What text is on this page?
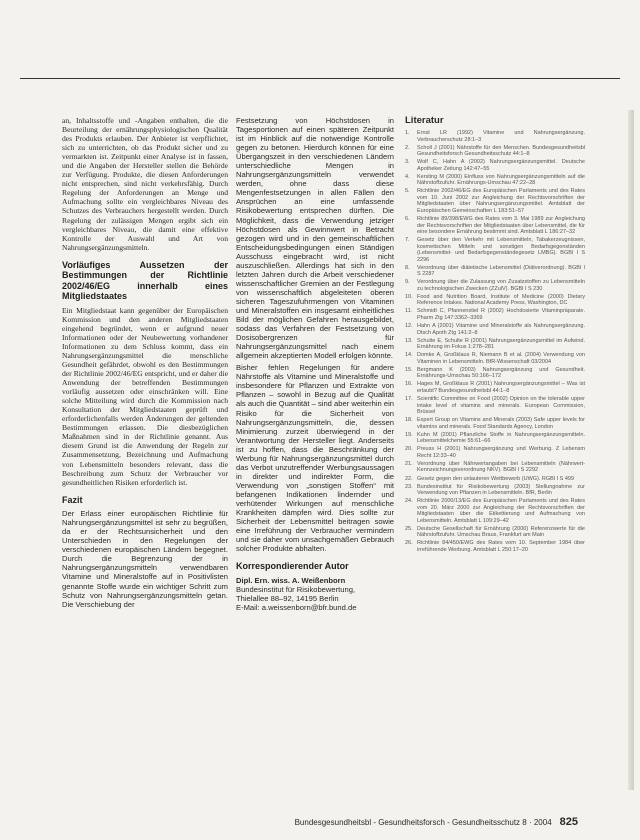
an, Inhaltsstoffe und -Angaben enthalten, die die Beurteilung der ernährungsphysiologischen Qualität des Produkts erlauben. Der Anbieter ist verpflichtet, sich zu unterrichten, ob das Produkt sicher und zu vermarkten ist. Zeitpunkt einer Analyse ist in fassen, und die Angaben der Hersteller stellen die Behörde zur Verfügung. Produkte, die diesen Anforderungen nicht entsprechen, sind nicht verkehrsfähig. Durch Regelung der Anforderungen an Menge und Aufmachung sollte ein vergleichbares Niveau des Schutzes des Verbrauchers hergestellt werden. Durch Regelung der zulässigen Mengen ergibt sich ein vergleichbares Niveau, die damit eine effektive Kontrolle der Auswahl und Art von Nahrungsergänzungsmitteln.

Vorläufiges Aussetzen der Bestimmungen der Richtlinie 2002/46/EG innerhalb eines Mitgliedstaates

Ein Mitgliedstaat kann gegenüber der Europäischen Kommission und den anderen Mitgliedstaaten eingehend begründet, wenn er aufgrund neuer Informationen oder der Neubewertung vorhandener Informationen zu dem Schluss kommt, dass ein Nahrungsergänzungsmittel die menschliche Gesundheit gefährdet, obwohl es den Bestimmungen der Richtlinie 2002/46/EG entspricht, und er daher die Anwendung der betreffenden Bestimmungen vorläufig aussetzen oder einschränken will. Eine solche Mitteilung wird durch die Kommission nach Konsultation der Mitgliedstaaten geprüft und erforderlichenfalls werden Änderungen der geltenden Bestimmungen erlassen. Die diesbezüglichen Maßnahmen sind in der Richtlinie genannt. Aus diesem Grund ist die Anwendung der Regeln zur Zusammensetzung, Bezeichnung und Aufmachung von Lebensmitteln besonders relevant, dass die Beschreibung zum Schutz der Verbraucher vor gesundheitlichen Risiken erforderlich ist.

Fazit

Der Erlass einer europäischen Richtlinie für Nahrungsergänzungsmittel ist sehr zu begrüßen, da er der Rechtsunsicherheit und den Unterschieden in den Regelungen der verschiedenen europäischen Ländern begegnet. Durch die Begrenzung der in Nahrungsergänzungsmitteln verwendbaren Vitamine und Mineralstoffe auf in Positivlisten genannte Stoffe wurde ein wichtiger Schritt zum Schutz von Nahrungsergänzungsmitteln getan. Die Verschiebung der

Festsetzung von Höchstdosen in Tagesportionen auf einen späteren Zeitpunkt ist im Hinblick auf die notwendige Kontrolle gegen zu betonen. Hierdurch können für eine Übergangszeit in den verschiedenen Ländern unterschiedliche Mengen in Nahrungsergänzungsmitteln verwendet werden, ohne dass diese Mengenfestsetzungen in allen Fällen den Ansprüchen an eine umfassende Risikobewertung entsprechen dürften. Die Möglichkeit, dass die Verwendung jetziger Höchstdosen als Gewinnwert in Betracht gezogen wird und in den gemeinschaftlichen Entscheidungsbedingungen einen Ständigen Ausschuss eingebracht wird, ist nicht auszuschließen. Allerdings hat sich in den letzten Jahren durch die Arbeit verschiedener wissenschaftlicher Gremien an der Festlegung von wissenschaftlich abgeleiteten oberen sicheren Tageszufuhrmengen von Vitaminen und Mineralstoffen ein insgesamt einheitliches Bild der möglichen Gefahren herausgebildet, sodass das Verfahren der Festsetzung von Dosisobergrenzen für Nahrungsergänzungsmittel nach einem allgemein akzeptierten Modell erfolgen könnte.

Bisher fehlen Regelungen für andere Nährstoffe als Vitamine und Mineralstoffe und insbesondere für Pflanzen und Extrakte von Pflanzen – sowohl in Bezug auf die Qualität als auch die Quantität – sind aber weiterhin ein Risiko für die Sicherheit von Nahrungsergänzungsmitteln, die, dessen Minimierung zurzeit überwiegend in der Verantwortung der Hersteller liegt. Anderseits ist zu hoffen, dass die Beschränkung der Werbung für Nahrungsergänzungsmittel durch das Verbot unzutreffender Werbungsaussagen in direkter und indirekter Form, die Verwendung von „sonstigen Stoffen“ mit befangenen Indikationen lindernder und verhütender Wirkungen auf menschliche Krankheiten dämpfen wird. Dies sollte zur Sicherheit der Lebensmittel beitragen sowie eine Irreführung der Verbraucher vermindern und sie daher vom unsachgemäßen Gebrauch solcher Produkte abhalten.

Korrespondierender Autor
Dipl. Ern. wiss. A. Weißenborn
Bundesinstitut für Risikobewertung,
Thielallee 88–92, 14195 Berlin
E-Mail: a.weissenborn@bfr.bund.de
Literatur
1.	Ernst LR (1992) Vitamine und Nahrungsergänzung. Verbraucherschutz 28:1–3
2.	Scholl J (2001) Nährstoffe für den Menschen. Bundesgesundheitsbl Gesundheitsforsch Gesundheitsschutz 44:1–8
3.	Wolf C, Hahn A (2002) Nahrungsergänzungsmittel. Deutsche Apotheker Zeitung 142:47–55
4.	Kersting M (2000) Einfluss von Nahrungsergänzungsmitteln auf die Nährstoffzufuhr. Ernährungs-Umschau 47:22–28
5.	Richtlinie 2002/46/EG des Europäischen Parlaments und des Rates vom 10. Juni 2002 zur Angleichung der Rechtsvorschriften der Mitgliedstaaten über Nahrungsergänzungsmittel. Amtsblatt der Europäischen Gemeinschaften L 183:51–57
6.	Richtlinie 89/398/EWG des Rates vom 3. Mai 1989 zur Angleichung der Rechtsvorschriften der Mitgliedstaaten über Lebensmittel, die für eine besondere Ernährung bestimmt sind. Amtsblatt L 186:27–32
7.	Gesetz über den Verkehr mit Lebensmitteln, Tabakerzeugnissen, kosmetischen Mitteln und sonstigen Bedarfsgegenständen (Lebensmittel- und Bedarfsgegenständegesetz LMBG). BGBl I S 2296
8.	Verordnung über diätetische Lebensmittel (Diätverordnung). BGBl I S 2287
9.	Verordnung über die Zulassung von Zusatzstoffen zu Lebensmitteln zu technologischen Zwecken (ZZulV). BGBl I S 230
10. Food and Nutrition Board, Institute of Medicine (2000) Dietary Reference Intakes. National Academy Press, Washington, DC
11. Schmidt C, Pfannenstiel R (2002) Hochdosierte Vitaminpräparate. Pharm Ztg 147:3362–3369
12. Hahn A (2001) Vitamine und Mineralstoffe als Nahrungsergänzung. Dtsch Apoth Ztg 141:2–8
13. Schulte E, Schulte R (2001) Nahrungsergänzungsmittel im Aufwind. Ernährung im Fokus 1:278–281
14. Domke A, Großklaus R, Niemann B et al. (2004) Verwendung von Vitaminen in Lebensmitteln. BfR-Wissenschaft 03/2004
15. Bergmann K (2003) Nahrungsergänzung und Gesundheit. Ernährungs-Umschau 50:166–172
16. Hages M, Großklaus R (2001) Nahrungsergänzungsmittel – Was ist erlaubt? Bundesgesundheitsbl 44:1–8
17. Scientific Committee on Food (2002) Opinion on the tolerable upper intake level of vitamins and minerals. European Commission, Brüssel
18. Expert Group on Vitamins and Minerals (2003) Safe upper levels for vitamins and minerals. Food Standards Agency, London
19. Kuhn M (2001) Pflanzliche Stoffe in Nahrungsergänzungsmitteln. Lebensmittelchemie 55:61–66
20. Preuss H (2001) Nahrungsergänzung und Werbung. Z Lebensm Recht 12:33–40
21. Verordnung über Nährwertangaben bei Lebensmitteln (Nährwert-Kennzeichnungsverordnung NKV). BGBl I S 2292
22. Gesetz gegen den unlauteren Wettbewerb (UWG). RGBl I S 499
23. Bundesinstitut für Risikobewertung (2003) Stellungnahme zur Verwendung von Pflanzen in Lebensmitteln. BfR, Berlin
24. Richtlinie 2000/13/EG des Europäischen Parlaments und des Rates vom 20. März 2000 zur Angleichung der Rechtsvorschriften der Mitgliedstaaten über die Etikettierung und Aufmachung von Lebensmitteln. Amtsblatt L 109:29–42
25. Deutsche Gesellschaft für Ernährung (2000) Referenzwerte für die Nährstoffzufuhr. Umschau Braus, Frankfurt am Main
26. Richtlinie 84/450/EWG des Rates vom 10. September 1984 über irreführende Werbung. Amtsblatt L 250:17–20
Bundesgesundheitsbl - Gesundheitsforsch - Gesundheitsschutz 8 · 2004 825
